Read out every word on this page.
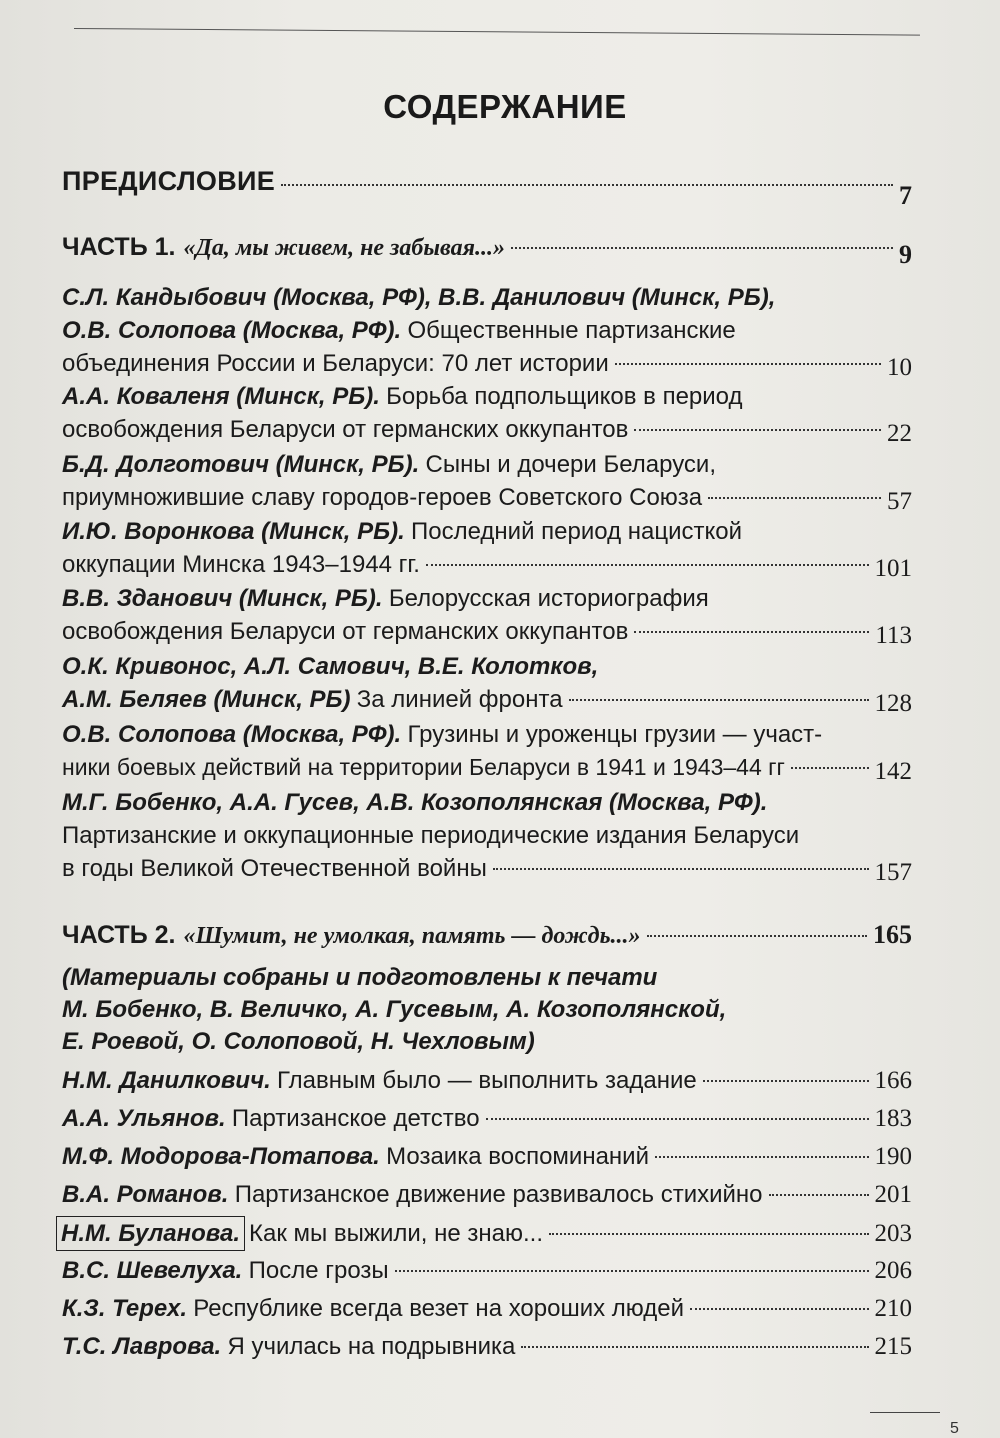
СОДЕРЖАНИЕ
ПРЕДИСЛОВИЕ	7
ЧАСТЬ 1. «Да, мы живем, не забывая...»	9
С.Л. Кандыбович (Москва, РФ), В.В. Данилович (Минск, РБ),
О.В. Солопова (Москва, РФ). Общественные партизанские
объединения России и Беларуси: 70 лет истории	10
А.А. Коваленя (Минск, РБ). Борьба подпольщиков в период
освобождения Беларуси от германских оккупантов	22
Б.Д. Долготович (Минск, РБ). Сыны и дочери Беларуси,
приумножившие славу городов-героев Советского Союза	57
И.Ю. Воронкова (Минск, РБ). Последний период нацисткой
оккупации Минска 1943–1944 гг.	101
В.В. Зданович (Минск, РБ). Белорусская историография
освобождения Беларуси от германских оккупантов	113
О.К. Кривонос, А.Л. Самович, В.Е. Колотков,
А.М. Беляев (Минск, РБ)
За линией фронта	128
О.В. Солопова (Москва, РФ). Грузины и уроженцы грузии — участ-
ники боевых действий на территории Беларуси в 1941 и 1943–44 гг	142
М.Г. Бобенко, А.А. Гусев, А.В. Козополянская (Москва, РФ).
Партизанские и оккупационные периодические издания Беларуси
в годы Великой Отечественной войны	157
ЧАСТЬ 2. «Шумит, не умолкая, память — дождь...»	165
(Материалы собраны и подготовлены к печати
М. Бобенко, В. Величко, А. Гусевым, А. Козополянской,
Е. Роевой, О. Солоповой, Н. Чехловым)
Н.М. Данилкович.
Главным было — выполнить задание	166
А.А. Ульянов.
Партизанское детство	183
М.Ф. Модорова-Потапова.
Мозаика воспоминаний	190
В.А. Романов.
Партизанское движение развивалось стихийно	201
Н.М. Буланова. Как мы выжили, не знаю...	203
В.С. Шевелуха.
После грозы	206
К.З. Терех.
Республике всегда везет на хороших людей	210
Т.С. Лаврова.
Я училась на подрывника	215
5
